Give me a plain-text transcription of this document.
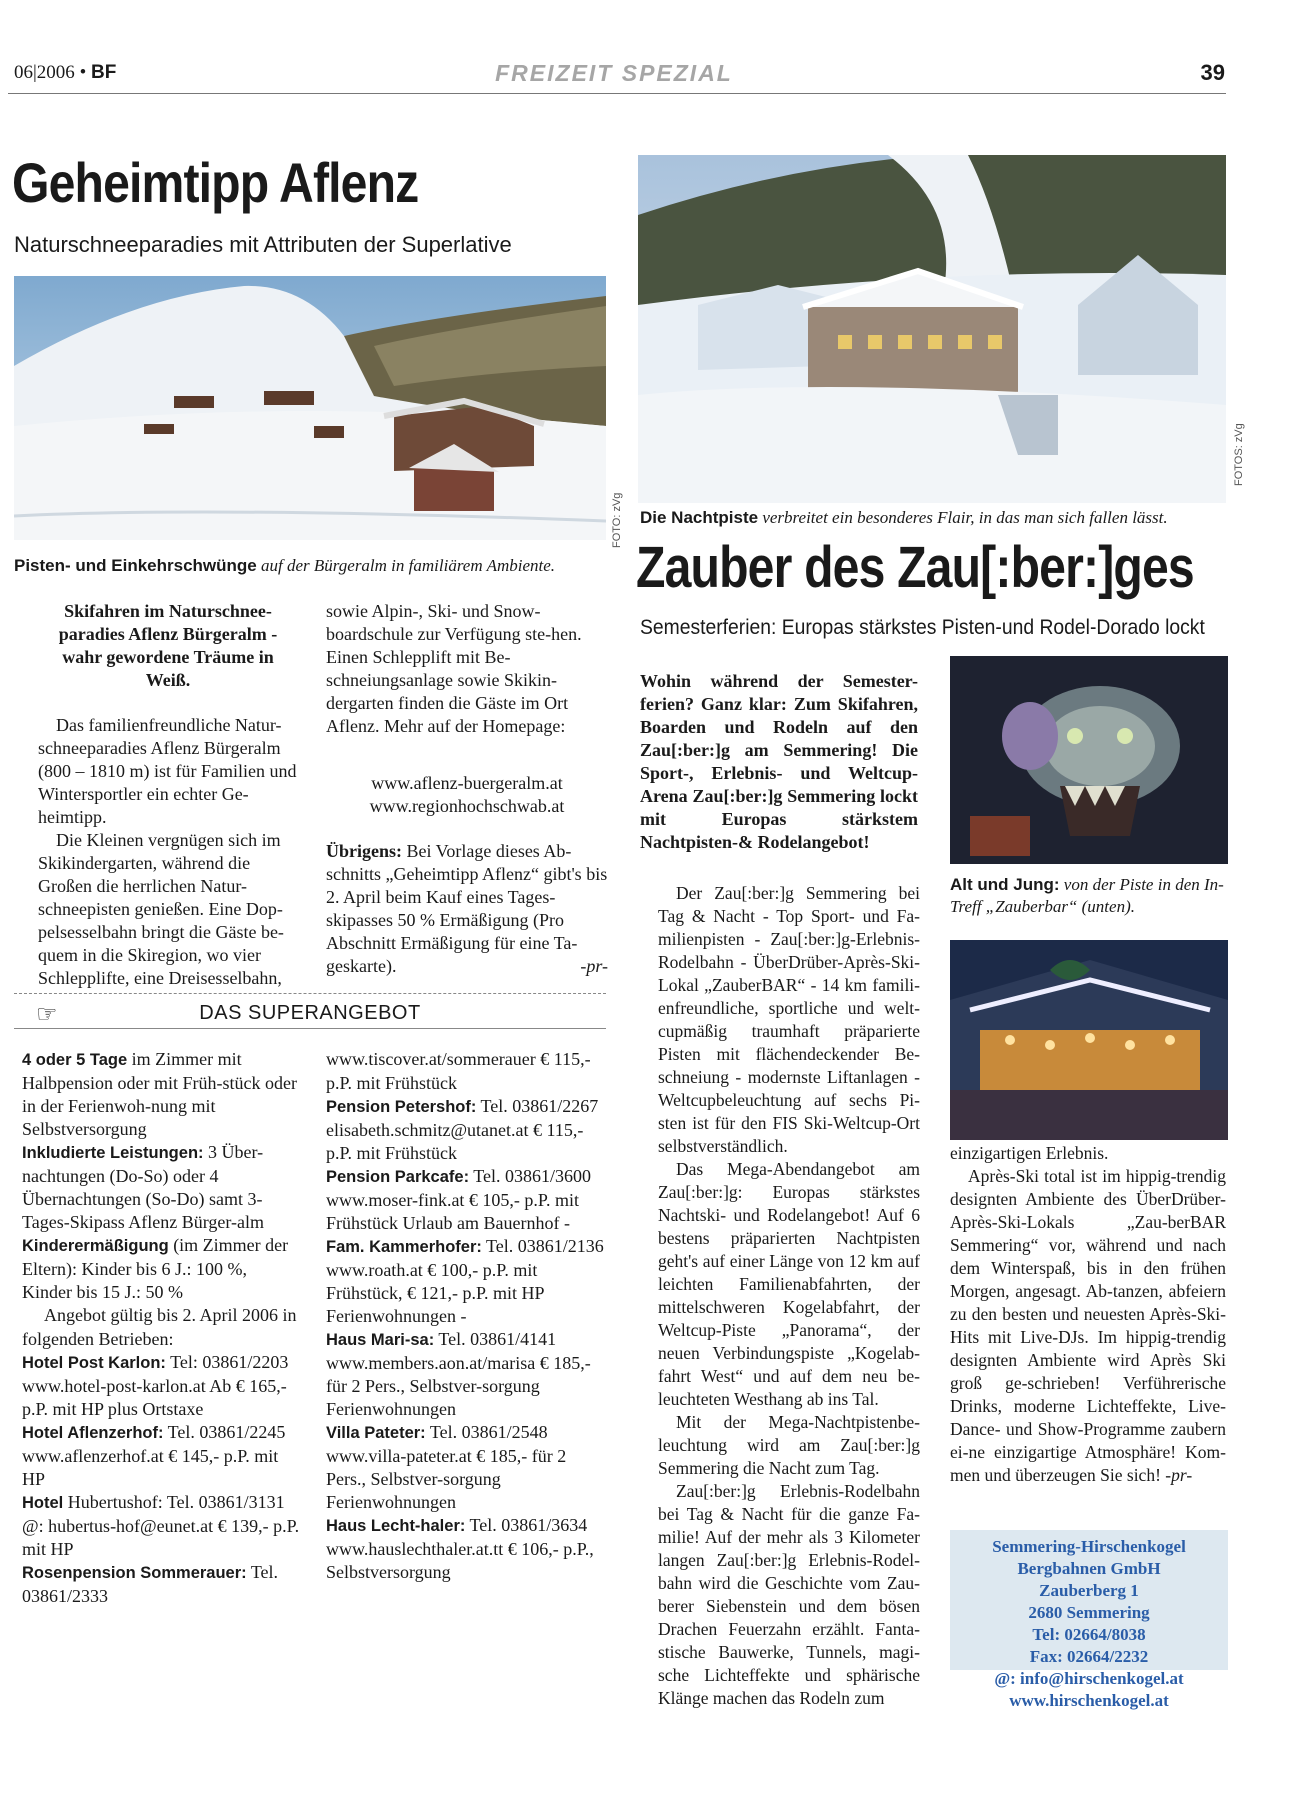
06|2006 • BF	FREIZEIT SPEZIAL	39
Geheimtipp Aflenz
Naturschneeparadies mit Attributen der Superlative
FOTO: zVg
Pisten- und Einkehrschwünge auf der Bürgeralm in familiärem Ambiente.

Skifahren im Naturschnee-paradies Aflenz Bürgeralm - wahr gewordene Träume in Weiß.

Das familienfreundliche Natur-schneeparadies Aflenz Bürgeralm (800 – 1810 m) ist für Familien und Wintersportler ein echter Ge-heimtipp.

Die Kleinen vergnügen sich im Skikindergarten, während die Großen die herrlichen Natur-schneepisten genießen. Eine Dop-pelsesselbahn bringt die Gäste be-quem in die Skiregion, wo vier Schlepplifte, eine Dreisesselbahn,

sowie Alpin-, Ski- und Snow-boardschule zur Verfügung ste-hen. Einen Schlepplift mit Be-schneiungsanlage sowie Skikin-dergarten finden die Gäste im Ort Aflenz. Mehr auf der Homepage:

www.aflenz-buergeralm.at

www.regionhochschwab.at

Übrigens: Bei Vorlage dieses Ab-schnitts „Geheimtipp Aflenz“ gibt's bis 2. April beim Kauf eines Tages-skipasses 50 % Ermäßigung (Pro Abschnitt Ermäßigung für eine Ta-geskarte).	-pr-

☞	DAS SUPERANGEBOT
4 oder 5 Tage im Zimmer mit Halbpension oder mit Früh-stück oder in der Ferienwoh-nung mit Selbstversorgung
Inkludierte Leistungen: 3 Über-nachtungen (Do-So) oder 4 Übernachtungen (So-Do) samt 3-Tages-Skipass Aflenz Bürger-alm
Kinderermäßigung (im Zimmer der Eltern): Kinder bis 6 J.: 100 %, Kinder bis 15 J.: 50 %
Angebot gültig bis 2. April 2006 in folgenden Betrieben:
Hotel Post Karlon: Tel: 03861/2203 www.hotel-post-karlon.at Ab € 165,- p.P. mit HP plus Ortstaxe
Hotel Aflenzerhof: Tel. 03861/2245 www.aflenzerhof.at € 145,- p.P. mit HP
Hotel Hubertushof: Tel. 03861/3131 @: hubertus-hof@eunet.at € 139,- p.P. mit HP
Rosenpension Sommerauer: Tel. 03861/2333
www.tiscover.at/sommerauer € 115,- p.P. mit Frühstück
Pension Petershof: Tel. 03861/2267 elisabeth.schmitz@utanet.at € 115,- p.P. mit Frühstück
Pension Parkcafe: Tel. 03861/3600 www.moser-fink.at € 105,- p.P. mit Frühstück Urlaub am Bauernhof -
Fam. Kammerhofer: Tel. 03861/2136 www.roath.at € 100,- p.P. mit Frühstück, € 121,- p.P. mit HP Ferienwohnungen -
Haus Mari-sa: Tel. 03861/4141 www.members.aon.at/marisa € 185,- für 2 Pers., Selbstver-sorgung Ferienwohnungen
Villa Pateter: Tel. 03861/2548 www.villa-pateter.at € 185,- für 2 Pers., Selbstver-sorgung Ferienwohnungen
Haus Lecht-haler: Tel. 03861/3634 www.hauslechthaler.at.tt € 106,- p.P., Selbstversorgung
FOTOS: zVg
Die Nachtpiste verbreitet ein besonderes Flair, in das man sich fallen lässt.
Zauber des Zau[:ber:]ges
Semesterferien: Europas stärkstes Pisten-und Rodel-Dorado lockt
Wohin während der Semester-ferien? Ganz klar: Zum Skifahren, Boarden und Rodeln auf den Zau[:ber:]g am Semmering! Die Sport-, Erlebnis- und Weltcup-Arena Zau[:ber:]g Semmering lockt mit Europas stärkstem Nachtpisten-& Rodelangebot!
Alt und Jung: von der Piste in den In-Treff „Zauberbar“ (unten).

Der Zau[:ber:]g Semmering bei Tag & Nacht - Top Sport- und Fa-milienpisten - Zau[:ber:]g-Erlebnis-Rodelbahn - ÜberDrüber-Après-Ski-Lokal „ZauberBAR“ - 14 km famili-enfreundliche, sportliche und welt-cupmäßig traumhaft präparierte Pisten mit flächendeckender Be-schneiung - modernste Liftanlagen - Weltcupbeleuchtung auf sechs Pi-sten ist für den FIS Ski-Weltcup-Ort selbstverständlich.

Das Mega-Abendangebot am Zau[:ber:]g: Europas stärkstes Nachtski- und Rodelangebot! Auf 6 bestens präparierten Nachtpisten geht's auf einer Länge von 12 km auf leichten Familienabfahrten, der mittelschweren Kogelabfahrt, der Weltcup-Piste „Panorama“, der neuen Verbindungspiste „Kogelab-fahrt West“ und auf dem neu be-leuchteten Westhang ab ins Tal.

Mit der Mega-Nachtpistenbe-leuchtung wird am Zau[:ber:]g Semmering die Nacht zum Tag.

Zau[:ber:]g Erlebnis-Rodelbahn bei Tag & Nacht für die ganze Fa-milie! Auf der mehr als 3 Kilometer langen Zau[:ber:]g Erlebnis-Rodel-bahn wird die Geschichte vom Zau-berer Siebenstein und dem bösen Drachen Feuerzahn erzählt. Fanta-stische Bauwerke, Tunnels, magi-sche Lichteffekte und sphärische Klänge machen das Rodeln zum

einzigartigen Erlebnis.

Après-Ski total ist im hippig-trendig designten Ambiente des ÜberDrüber-Après-Ski-Lokals „Zau-berBAR Semmering“ vor, während und nach dem Winterspaß, bis in den frühen Morgen, angesagt. Ab-tanzen, abfeiern zu den besten und neuesten Après-Ski-Hits mit Live-DJs. Im hippig-trendig designten Ambiente wird Après Ski groß ge-schrieben! Verführerische Drinks, moderne Lichteffekte, Live-Dance- und Show-Programme zaubern ei-ne einzigartige Atmosphäre! Kom-men und überzeugen Sie sich! -pr-

Semmering-Hirschenkogel
Bergbahnen GmbH
Zauberberg 1
2680 Semmering
Tel: 02664/8038
Fax: 02664/2232
@: info@hirschenkogel.at
www.hirschenkogel.at
